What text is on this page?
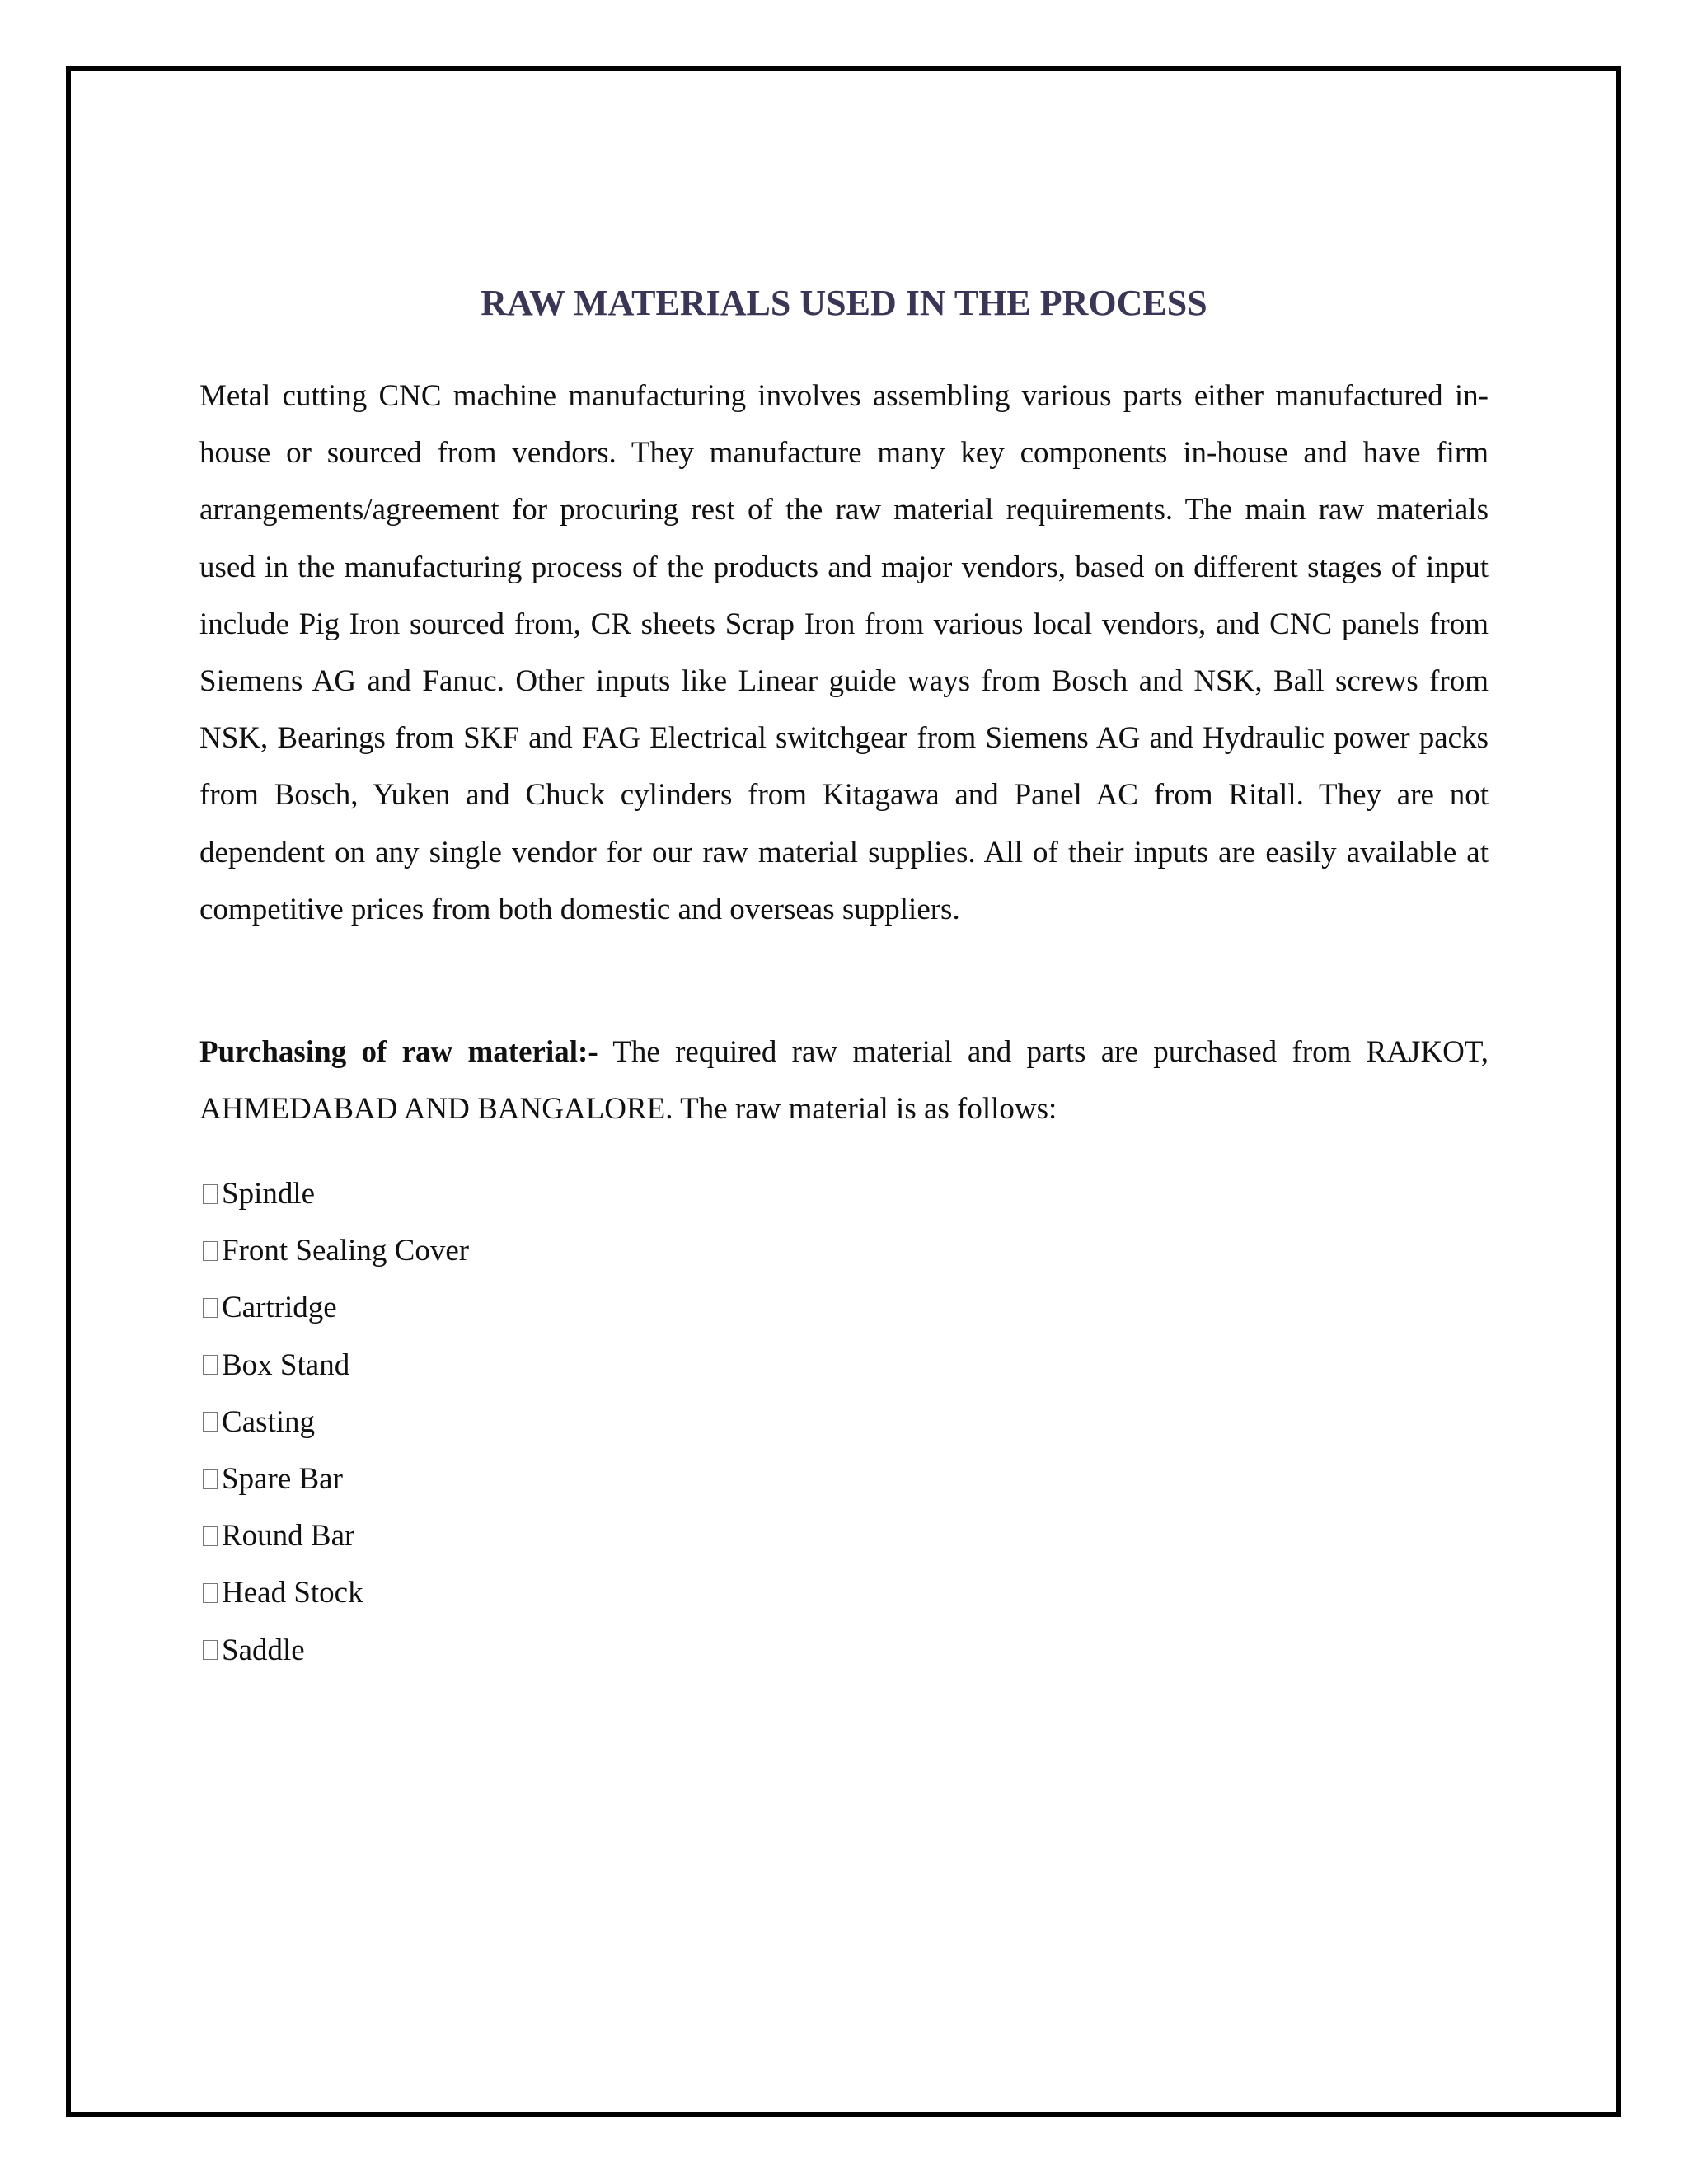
RAW MATERIALS USED IN THE PROCESS

Metal cutting CNC machine manufacturing involves assembling various parts either manufactured in-house or sourced from vendors. They manufacture many key components in-house and have firm arrangements/agreement for procuring rest of the raw material requirements. The main raw materials used in the manufacturing process of the products and major vendors, based on different stages of input include Pig Iron sourced from, CR sheets Scrap Iron from various local vendors, and CNC panels from Siemens AG and Fanuc. Other inputs like Linear guide ways from Bosch and NSK, Ball screws from NSK, Bearings from SKF and FAG Electrical switchgear from Siemens AG and Hydraulic power packs from Bosch, Yuken and Chuck cylinders from Kitagawa and Panel AC from Ritall. They are not dependent on any single vendor for our raw material supplies. All of their inputs are easily available at competitive prices from both domestic and overseas suppliers.

Purchasing of raw material:- The required raw material and parts are purchased from RAJKOT, AHMEDABAD AND BANGALORE. The raw material is as follows:

Spindle
Front Sealing Cover
Cartridge
Box Stand
Casting
Spare Bar
Round Bar
Head Stock
Saddle
